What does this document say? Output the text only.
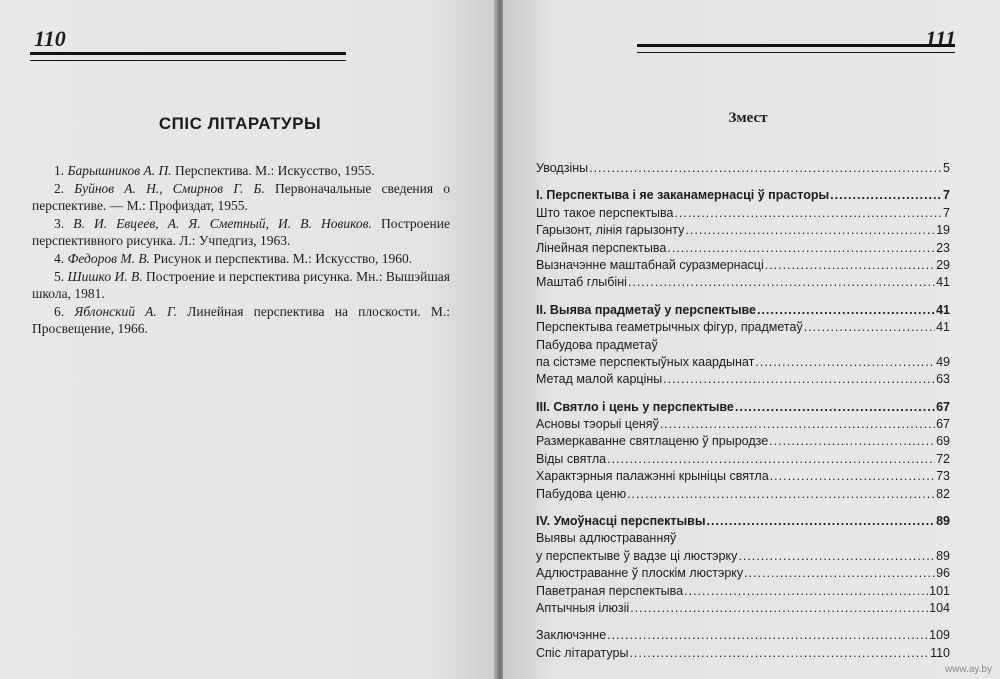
110
СПІС ЛІТАРАТУРЫ
1. Барышников А. П. Перспектива. М.: Искусство, 1955.
2. Буйнов А. Н., Смирнов Г. Б. Первоначальные сведения о перспективе. — М.: Профиздат, 1955.
3. В. И. Евцеев, А. Я. Сметный, И. В. Новиков. Построение перспективного рисунка. Л.: Учпедгиз, 1963.
4. Федоров М. В. Рисунок и перспектива. М.: Искусство, 1960.
5. Шишко И. В. Построение и перспектива рисунка. Мн.: Вышэйшая школа, 1981.
6. Яблонский А. Г. Линейная перспектива на плоскости. М.: Просвещение, 1966.
111
Змест
Уводзіны .....	5
І. Перспектыва і яе заканамернасці ў прасторы .....	7
Што такое перспектыва .....	7
Гарызонт, лінія гарызонту .....	19
Лінейная перспектыва .....	23
Вызначэнне маштабнай суразмернасці .....	29
Маштаб глыбіні .....	41
ІІ. Выява прадметаў у перспектыве .....	41
Перспектыва геаметрычных фігур, прадметаў .....	41
Пабудова прадметаў
па сістэме перспектыўных каардынат .....	49
Метад малой карціны .....	63
ІІІ. Святло і цень у перспектыве .....	67
Асновы тэорыі ценяў .....	67
Размеркаванне святлаценю ў прыродзе .....	69
Віды святла .....	72
Характэрныя палажэнні крыніцы святла .....	73
Пабудова ценю .....	82
IV. Умоўнасці перспектывы .....	89
Выявы адлюстраванняў
у перспектыве ў вадзе ці люстэрку .....	89
Адлюстраванне ў плоскім люстэрку .....	96
Паветраная перспектыва .....	101
Аптычныя ілюзіі .....	104
Заключэнне .....	109
Спіс літаратуры .....	110
www.ay.by
